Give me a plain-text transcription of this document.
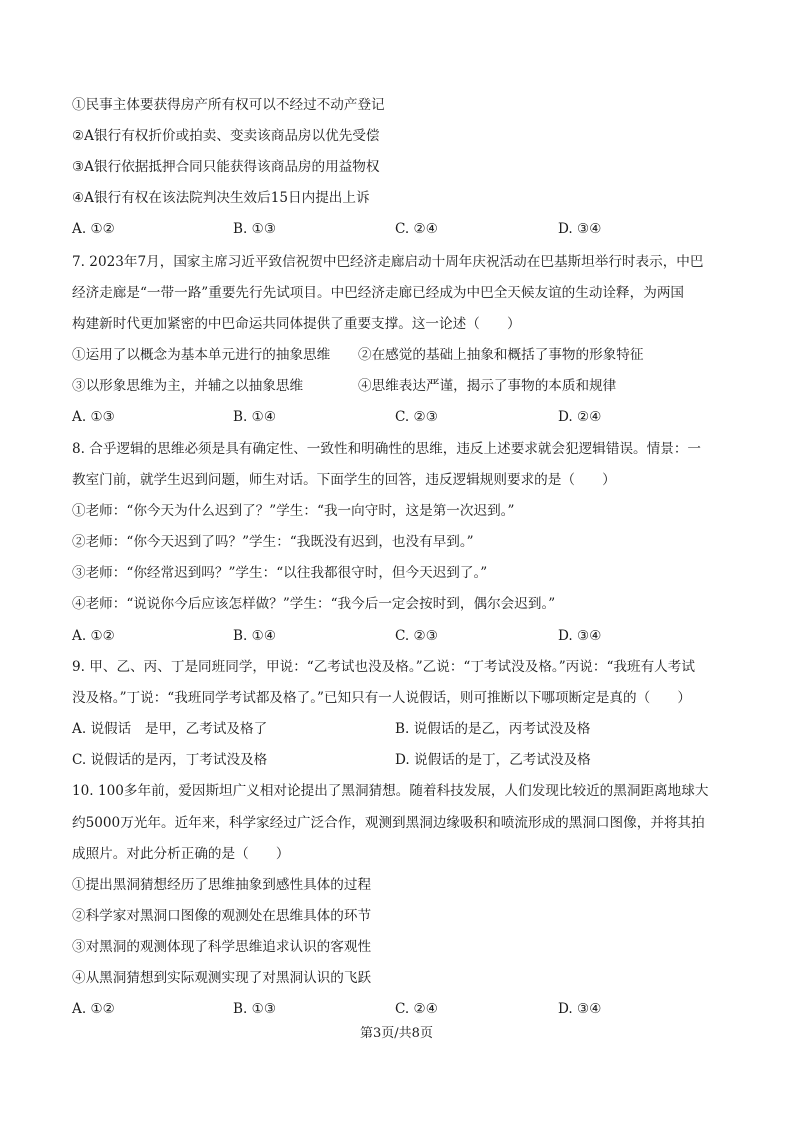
①民事主体要获得房产所有权可以不经过不动产登记
②A银行有权折价或拍卖、变卖该商品房以优先受偿
③A银行依据抵押合同只能获得该商品房的用益物权
④A银行有权在该法院判决生效后15日内提出上诉
A. ①②	B. ①③	C. ②④	D. ③④
7. 2023年7月，国家主席习近平致信祝贺中巴经济走廊启动十周年庆祝活动在巴基斯坦举行时表示，中巴
经济走廊是“一带一路”重要先行先试项目。中巴经济走廊已经成为中巴全天候友谊的生动诠释，为两国
构建新时代更加紧密的中巴命运共同体提供了重要支撑。这一论述（　　）
①运用了以概念为基本单元进行的抽象思维 ②在感觉的基础上抽象和概括了事物的形象特征
③以形象思维为主，并辅之以抽象思维	④思维表达严谨，揭示了事物的本质和规律
A. ①③	B. ①④	C. ②③	D. ②④
8. 合乎逻辑的思维必须是具有确定性、一致性和明确性的思维，违反上述要求就会犯逻辑错误。情景：一
教室门前，就学生迟到问题，师生对话。下面学生的回答，违反逻辑规则要求的是（　　）
①老师：“你今天为什么迟到了？”学生：“我一向守时，这是第一次迟到。”
②老师：“你今天迟到了吗？”学生：“我既没有迟到，也没有早到。”
③老师：“你经常迟到吗？”学生：“以往我都很守时，但今天迟到了。”
④老师：“说说你今后应该怎样做？”学生：“我今后一定会按时到，偶尔会迟到。”
A. ①②	B. ①④	C. ②③	D. ③④
9. 甲、乙、丙、丁是同班同学，甲说：“乙考试也没及格。”乙说：“丁考试没及格。”丙说：“我班有人考试
没及格。”丁说：“我班同学考试都及格了。”已知只有一人说假话，则可推断以下哪项断定是真的（　　）
A. 说假话　是甲，乙考试及格了	B. 说假话的是乙，丙考试没及格
C. 说假话的是丙，丁考试没及格	D. 说假话的是丁，乙考试没及格
10. 100多年前，爱因斯坦广义相对论提出了黑洞猜想。随着科技发展，人们发现比较近的黑洞距离地球大
约5000万光年。近年来，科学家经过广泛合作，观测到黑洞边缘吸积和喷流形成的黑洞口图像，并将其拍
成照片。对此分析正确的是（　　）
①提出黑洞猜想经历了思维抽象到感性具体的过程
②科学家对黑洞口图像的观测处在思维具体的环节
③对黑洞的观测体现了科学思维追求认识的客观性
④从黑洞猜想到实际观测实现了对黑洞认识的飞跃
A. ①②	B. ①③	C. ②④	D. ③④
第3页/共8页
